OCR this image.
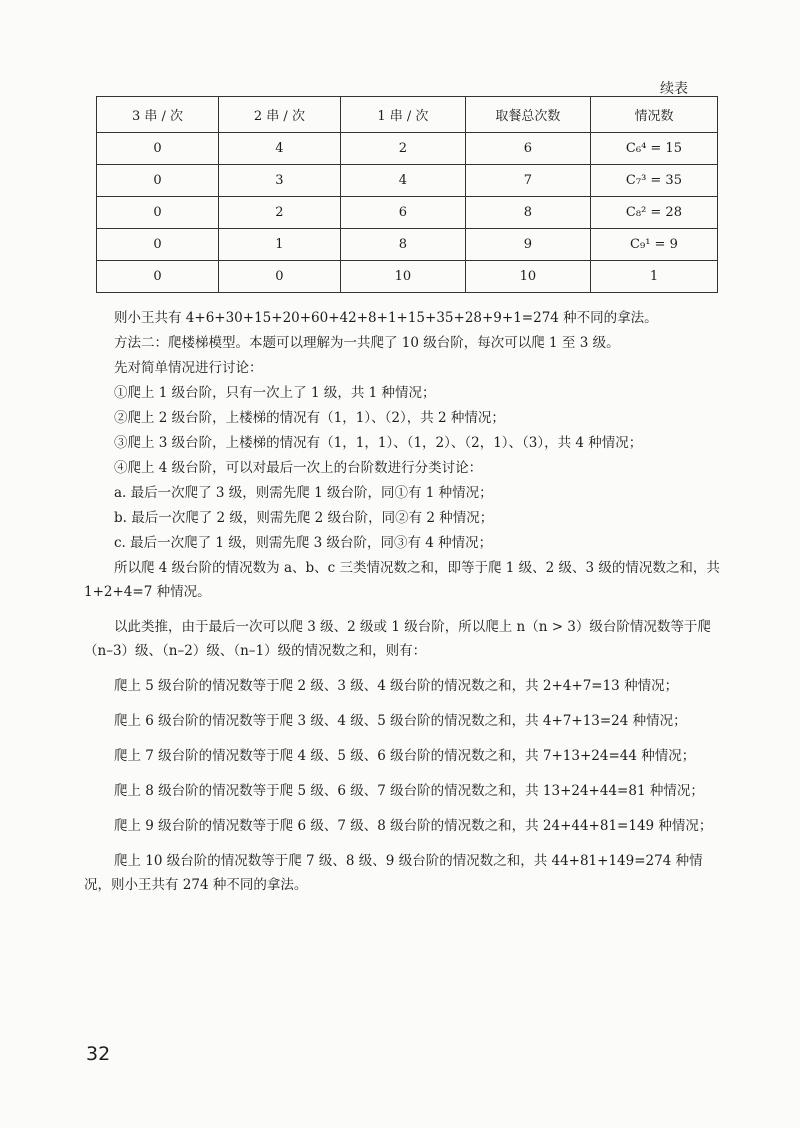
续表
3 串 / 次	2 串 / 次	1 串 / 次	取餐总次数	情况数
0	4	2	6	C₆⁴ = 15
0	3	4	7	C₇³ = 35
0	2	6	8	C₈² = 28
0	1	8	9	C₉¹ = 9
0	0	10	10	1

则小王共有 4+6+30+15+20+60+42+8+1+15+35+28+9+1=274 种不同的拿法。

方法二：爬楼梯模型。本题可以理解为一共爬了 10 级台阶，每次可以爬 1 至 3 级。

先对简单情况进行讨论：

①爬上 1 级台阶，只有一次上了 1 级，共 1 种情况；

②爬上 2 级台阶，上楼梯的情况有（1，1）、（2），共 2 种情况；

③爬上 3 级台阶，上楼梯的情况有（1，1，1）、（1，2）、（2，1）、（3），共 4 种情况；

④爬上 4 级台阶，可以对最后一次上的台阶数进行分类讨论：

a. 最后一次爬了 3 级，则需先爬 1 级台阶，同①有 1 种情况；

b. 最后一次爬了 2 级，则需先爬 2 级台阶，同②有 2 种情况；

c. 最后一次爬了 1 级，则需先爬 3 级台阶，同③有 4 种情况；

所以爬 4 级台阶的情况数为 a、b、c 三类情况数之和，即等于爬 1 级、2 级、3 级的情况数之和，共 1+2+4=7 种情况。

以此类推，由于最后一次可以爬 3 级、2 级或 1 级台阶，所以爬上 n（n > 3）级台阶情况数等于爬（n–3）级、（n–2）级、（n–1）级的情况数之和，则有：

爬上 5 级台阶的情况数等于爬 2 级、3 级、4 级台阶的情况数之和，共 2+4+7=13 种情况；

爬上 6 级台阶的情况数等于爬 3 级、4 级、5 级台阶的情况数之和，共 4+7+13=24 种情况；

爬上 7 级台阶的情况数等于爬 4 级、5 级、6 级台阶的情况数之和，共 7+13+24=44 种情况；

爬上 8 级台阶的情况数等于爬 5 级、6 级、7 级台阶的情况数之和，共 13+24+44=81 种情况；

爬上 9 级台阶的情况数等于爬 6 级、7 级、8 级台阶的情况数之和，共 24+44+81=149 种情况；

爬上 10 级台阶的情况数等于爬 7 级、8 级、9 级台阶的情况数之和，共 44+81+149=274 种情况，则小王共有 274 种不同的拿法。

32
